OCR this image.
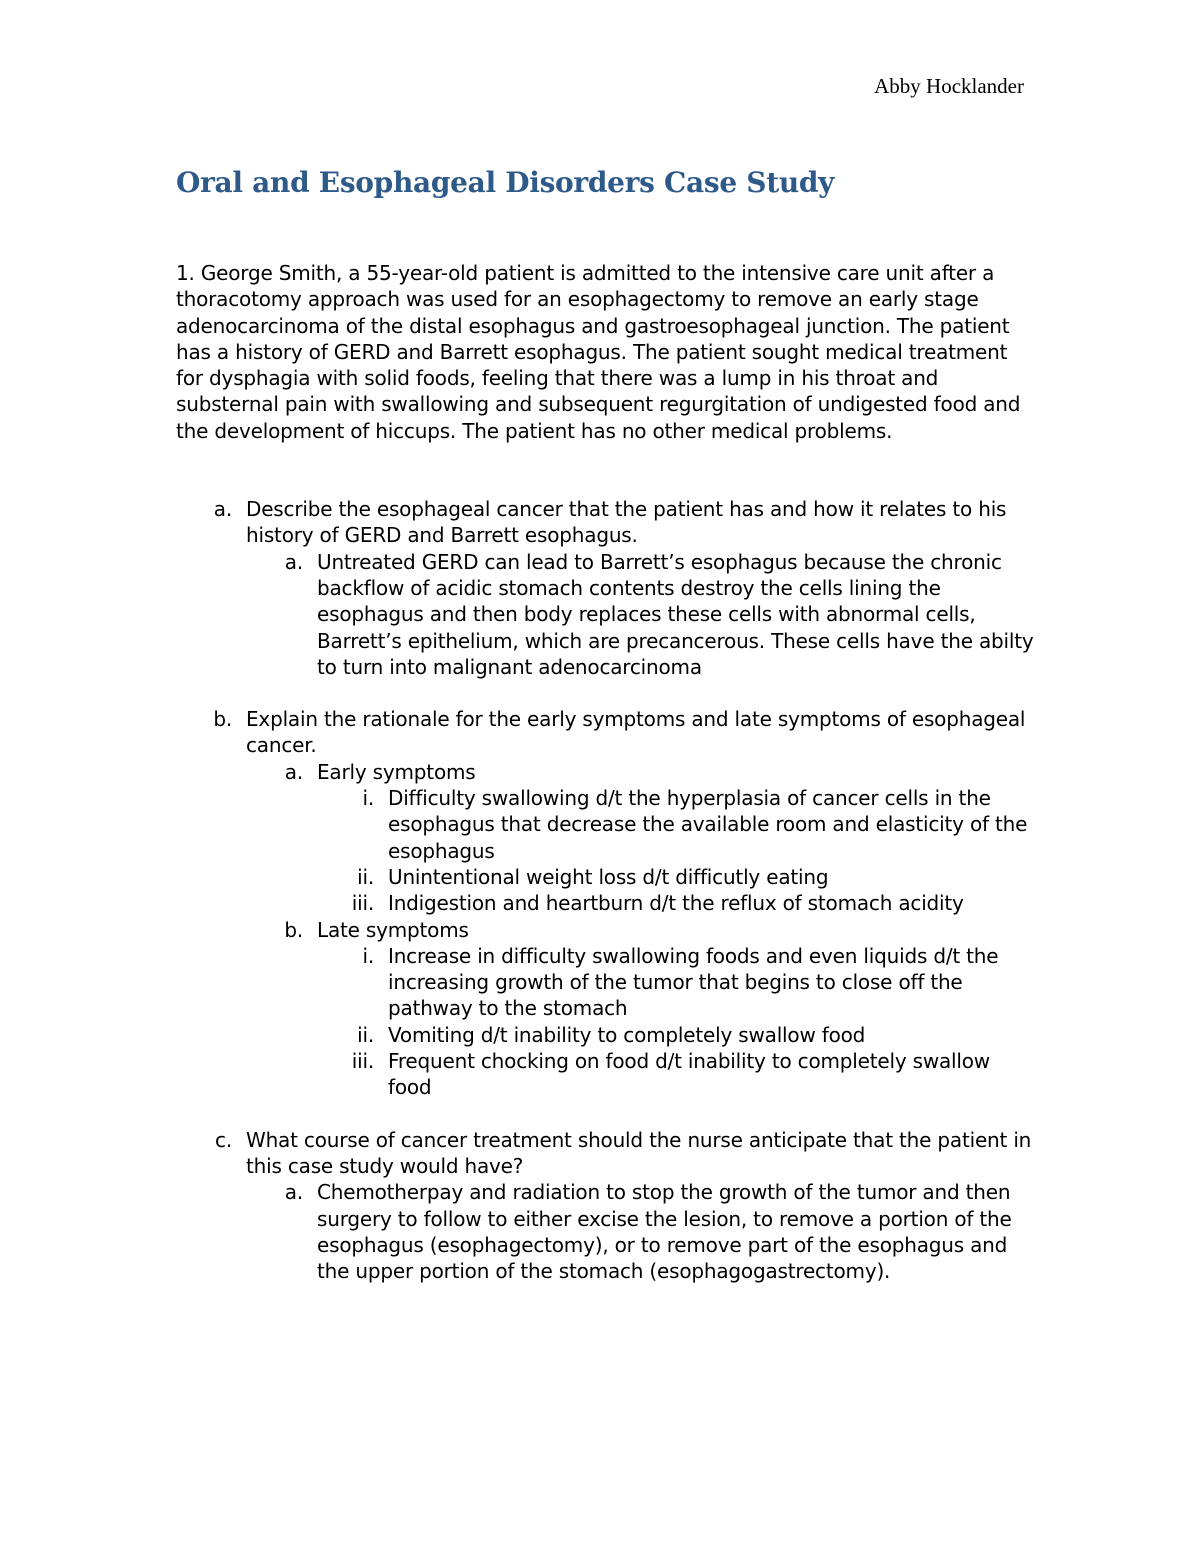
Abby Hocklander
Oral and Esophageal Disorders Case Study

1. George Smith, a 55-year-old patient is admitted to the intensive care unit after a thoracotomy approach was used for an esophagectomy to remove an early stage adenocarcinoma of the distal esophagus and gastroesophageal junction. The patient has a history of GERD and Barrett esophagus. The patient sought medical treatment for dysphagia with solid foods, feeling that there was a lump in his throat and substernal pain with swallowing and subsequent regurgitation of undigested food and the development of hiccups. The patient has no other medical problems.

a. Describe the esophageal cancer that the patient has and how it relates to his history of GERD and Barrett esophagus.
a. Untreated GERD can lead to Barrett’s esophagus because the chronic backflow of acidic stomach contents destroy the cells lining the esophagus and then body replaces these cells with abnormal cells, Barrett’s epithelium, which are precancerous. These cells have the abilty to turn into malignant adenocarcinoma
b. Explain the rationale for the early symptoms and late symptoms of esophageal cancer.
a. Early symptoms
i. Difficulty swallowing d/t the hyperplasia of cancer cells in the esophagus that decrease the available room and elasticity of the esophagus
ii. Unintentional weight loss d/t difficutly eating
iii. Indigestion and heartburn d/t the reflux of stomach acidity
b. Late symptoms
i. Increase in difficulty swallowing foods and even liquids d/t the increasing growth of the tumor that begins to close off the pathway to the stomach
ii. Vomiting d/t inability to completely swallow food
iii. Frequent chocking on food d/t inability to completely swallow food
c. What course of cancer treatment should the nurse anticipate that the patient in this case study would have?
a. Chemotherpay and radiation to stop the growth of the tumor and then surgery to follow to either excise the lesion, to remove a portion of the esophagus (esophagectomy), or to remove part of the esophagus and the upper portion of the stomach (esophagogastrectomy).
